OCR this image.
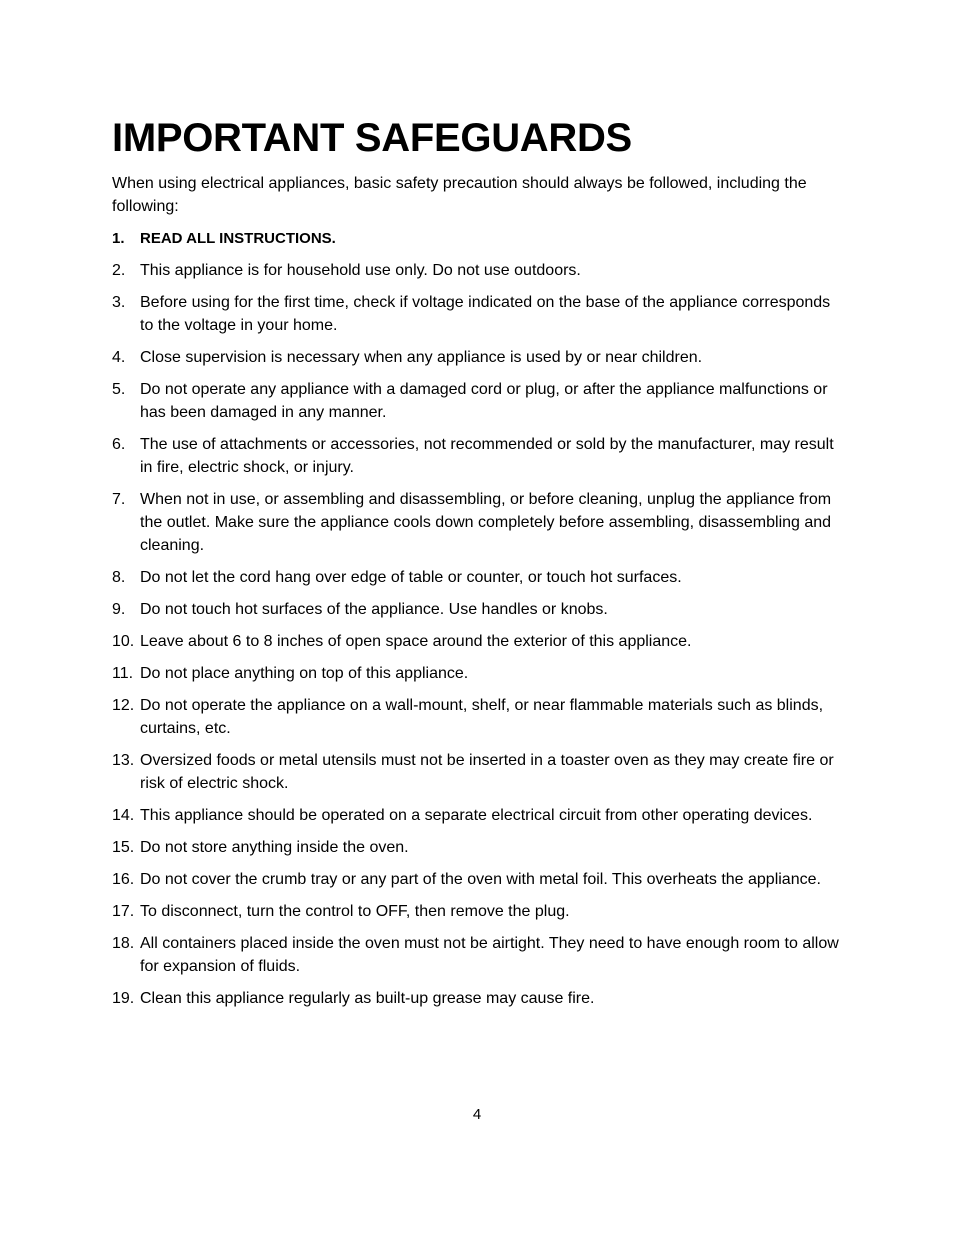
IMPORTANT SAFEGUARDS

When using electrical appliances, basic safety precaution should always be followed, including the following:

1. READ ALL INSTRUCTIONS.
2. This appliance is for household use only. Do not use outdoors.
3. Before using for the first time, check if voltage indicated on the base of the appliance corresponds to the voltage in your home.
4. Close supervision is necessary when any appliance is used by or near children.
5. Do not operate any appliance with a damaged cord or plug, or after the appliance malfunctions or has been damaged in any manner.
6. The use of attachments or accessories, not recommended or sold by the manufacturer, may result in fire, electric shock, or injury.
7. When not in use, or assembling and disassembling, or before cleaning, unplug the appliance from the outlet. Make sure the appliance cools down completely before assembling, disassembling and cleaning.
8. Do not let the cord hang over edge of table or counter, or touch hot surfaces.
9. Do not touch hot surfaces of the appliance. Use handles or knobs.
10. Leave about 6 to 8 inches of open space around the exterior of this appliance.
11. Do not place anything on top of this appliance.
12. Do not operate the appliance on a wall-mount, shelf, or near flammable materials such as blinds, curtains, etc.
13. Oversized foods or metal utensils must not be inserted in a toaster oven as they may create fire or risk of electric shock.
14. This appliance should be operated on a separate electrical circuit from other operating devices.
15. Do not store anything inside the oven.
16. Do not cover the crumb tray or any part of the oven with metal foil. This overheats the appliance.
17. To disconnect, turn the control to OFF, then remove the plug.
18. All containers placed inside the oven must not be airtight. They need to have enough room to allow for expansion of fluids.
19. Clean this appliance regularly as built-up grease may cause fire.
4
